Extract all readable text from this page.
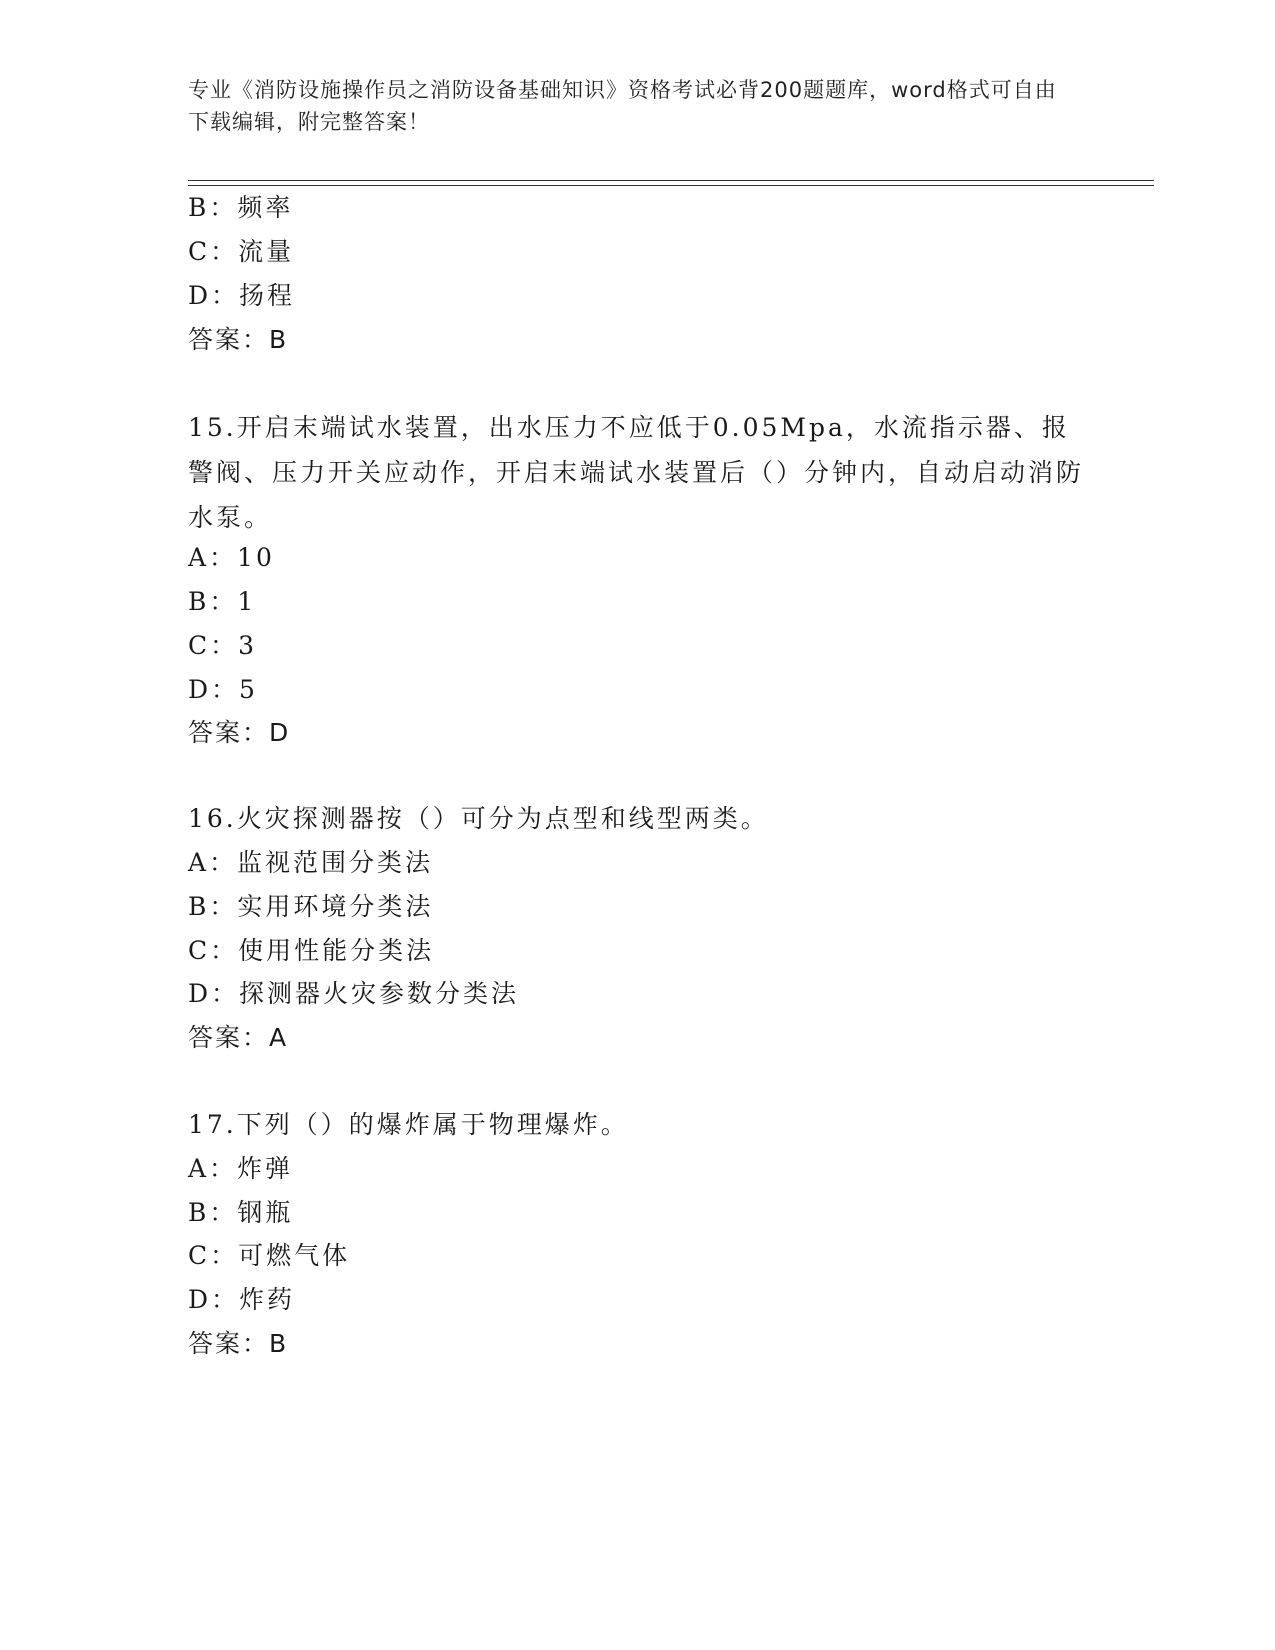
专业《消防设施操作员之消防设备基础知识》资格考试必背200题题库，word格式可自由下载编辑，附完整答案！
B：频率
C：流量
D：扬程
答案：B
15.开启末端试水装置，出水压力不应低于0.05Mpa，水流指示器、报警阀、压力开关应动作，开启末端试水装置后（）分钟内，自动启动消防水泵。
A：10
B：1
C：3
D：5
答案：D
16.火灾探测器按（）可分为点型和线型两类。
A：监视范围分类法
B：实用环境分类法
C：使用性能分类法
D：探测器火灾参数分类法
答案：A
17.下列（）的爆炸属于物理爆炸。
A：炸弹
B：钢瓶
C：可燃气体
D：炸药
答案：B
